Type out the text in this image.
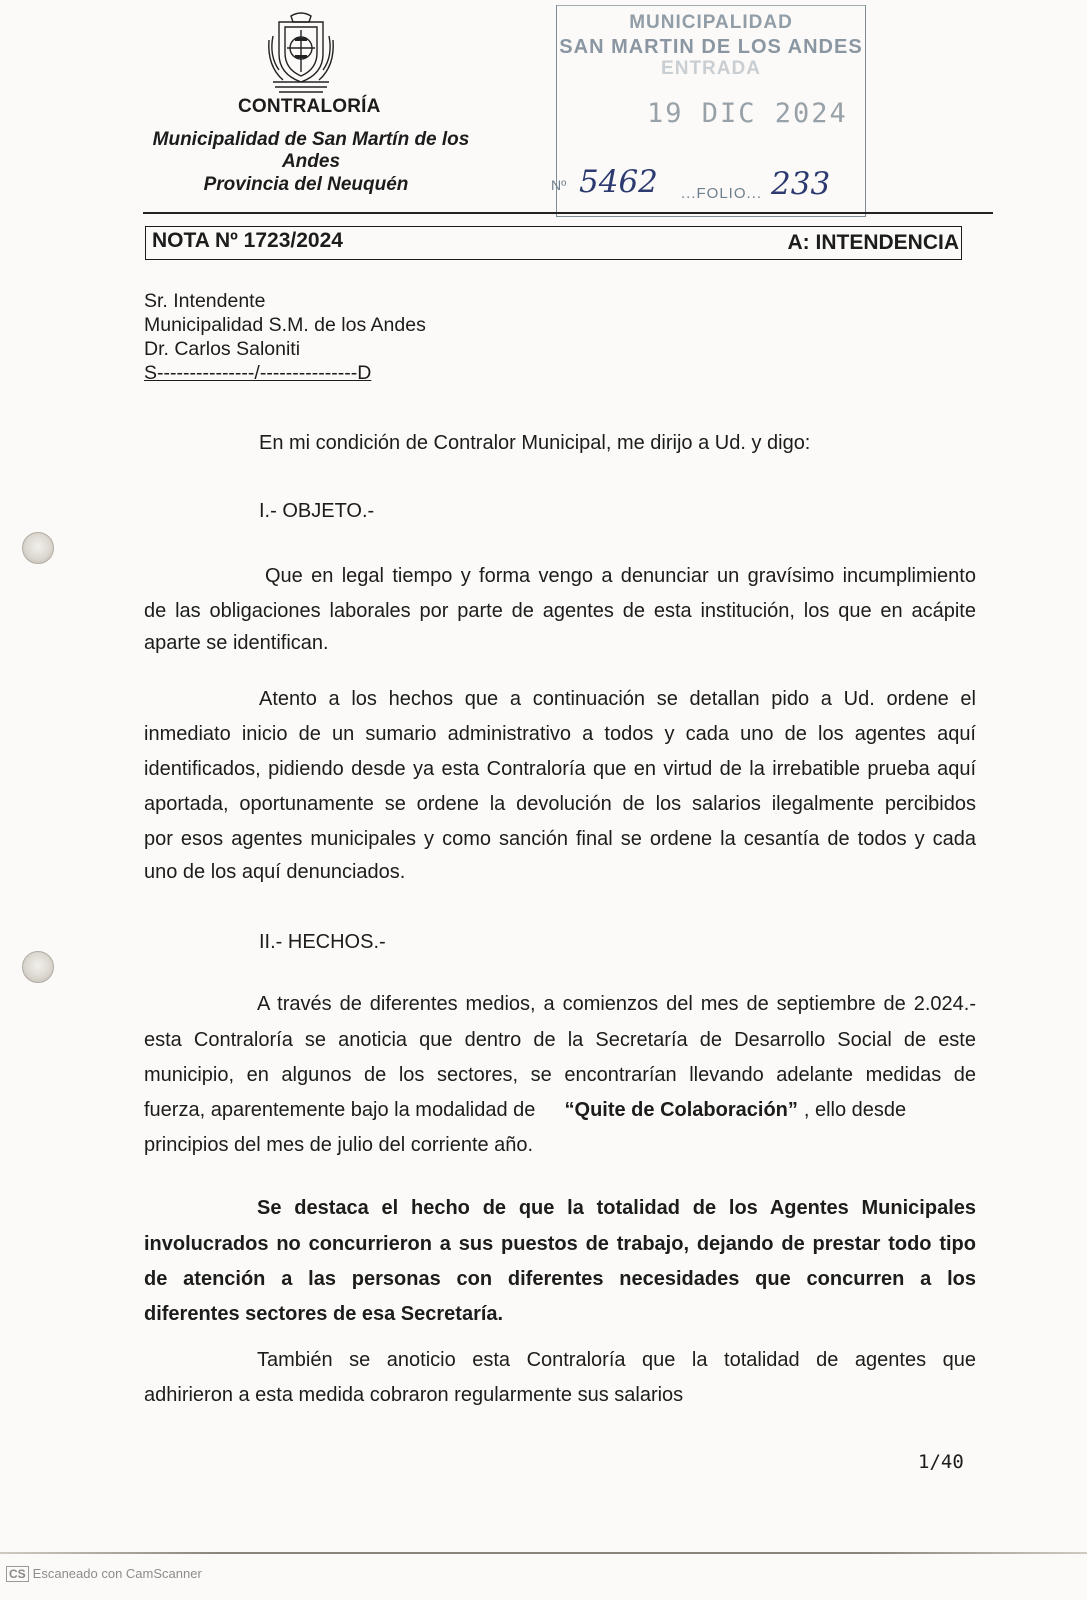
CONTRALORÍA
Municipalidad de San Martín de los
Andes
Provincia del Neuquén
MUNICIPALIDAD
SAN MARTIN DE LOS ANDES
ENTRADA
19 DIC 2024
Nº 5462 ...FOLIO... 233
NOTA Nº 1723/2024	A: INTENDENCIA
Sr. Intendente
Municipalidad S.M. de los Andes
Dr. Carlos Saloniti
S---------------/---------------D
En mi condición de Contralor Municipal, me dirijo a Ud. y digo:
I.- OBJETO.-
Que en legal tiempo y forma vengo a denunciar un gravísimo incumplimiento
de las obligaciones laborales por parte de agentes de esta institución, los que en acápite
aparte se identifican.
Atento a los hechos que a continuación se detallan pido a Ud. ordene el
inmediato inicio de un sumario administrativo a todos y cada uno de los agentes aquí
identificados, pidiendo desde ya esta Contraloría que en virtud de la irrebatible prueba aquí
aportada, oportunamente se ordene la devolución de los salarios ilegalmente percibidos
por esos agentes municipales y como sanción final se ordene la cesantía de todos y cada
uno de los aquí denunciados.
II.- HECHOS.-
A través de diferentes medios, a comienzos del mes de septiembre de 2.024.-
esta Contraloría se anoticia que dentro de la Secretaría de Desarrollo Social de este
municipio, en algunos de los sectores, se encontrarían llevando adelante medidas de
fuerza, aparentemente bajo la modalidad de “Quite de Colaboración” , ello desde
principios del mes de julio del corriente año.
Se destaca el hecho de que la totalidad de los Agentes Municipales
involucrados no concurrieron a sus puestos de trabajo, dejando de prestar todo tipo
de atención a las personas con diferentes necesidades que concurren a los
diferentes sectores de esa Secretaría.
También se anoticio esta Contraloría que la totalidad de agentes que
adhirieron a esta medida cobraron regularmente sus salarios
1/40
CS Escaneado con CamScanner
